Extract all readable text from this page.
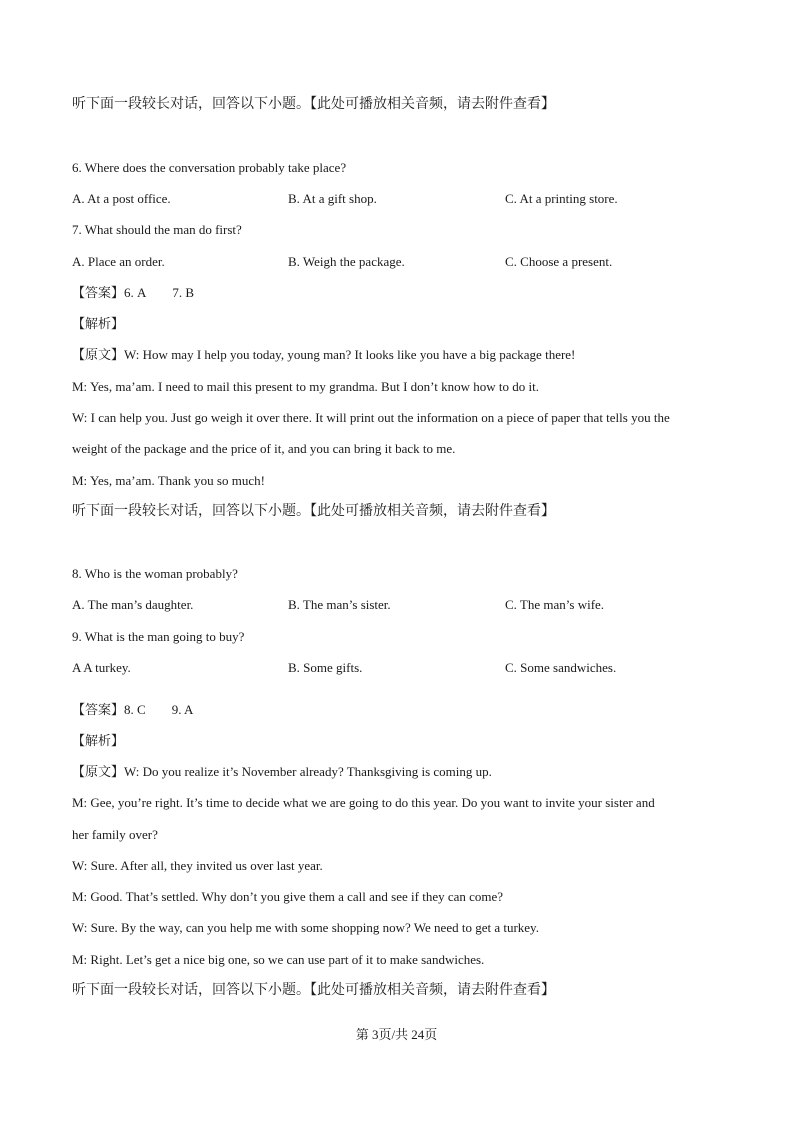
听下面一段较长对话，回答以下小题。【此处可播放相关音频，请去附件查看】
6. Where does the conversation probably take place?
A. At a post office.	B. At a gift shop.	C. At a printing store.
7. What should the man do first?
A. Place an order.	B. Weigh the package.	C. Choose a present.
【答案】6. A 7. B
【解析】
【原文】W: How may I help you today, young man? It looks like you have a big package there!
M: Yes, ma’am. I need to mail this present to my grandma. But I don’t know how to do it.
W: I can help you. Just go weigh it over there. It will print out the information on a piece of paper that tells you the
weight of the package and the price of it, and you can bring it back to me.
M: Yes, ma’am. Thank you so much!
听下面一段较长对话，回答以下小题。【此处可播放相关音频，请去附件查看】
8. Who is the woman probably?
A. The man’s daughter.	B. The man’s sister.	C. The man’s wife.
9. What is the man going to buy?
A A turkey.	B. Some gifts.	C. Some sandwiches.
【答案】8. C 9. A
【解析】
【原文】W: Do you realize it’s November already? Thanksgiving is coming up.
M: Gee, you’re right. It’s time to decide what we are going to do this year. Do you want to invite your sister and
her family over?
W: Sure. After all, they invited us over last year.
M: Good. That’s settled. Why don’t you give them a call and see if they can come?
W: Sure. By the way, can you help me with some shopping now? We need to get a turkey.
M: Right. Let’s get a nice big one, so we can use part of it to make sandwiches.
听下面一段较长对话，回答以下小题。【此处可播放相关音频，请去附件查看】
第 3页/共 24页
